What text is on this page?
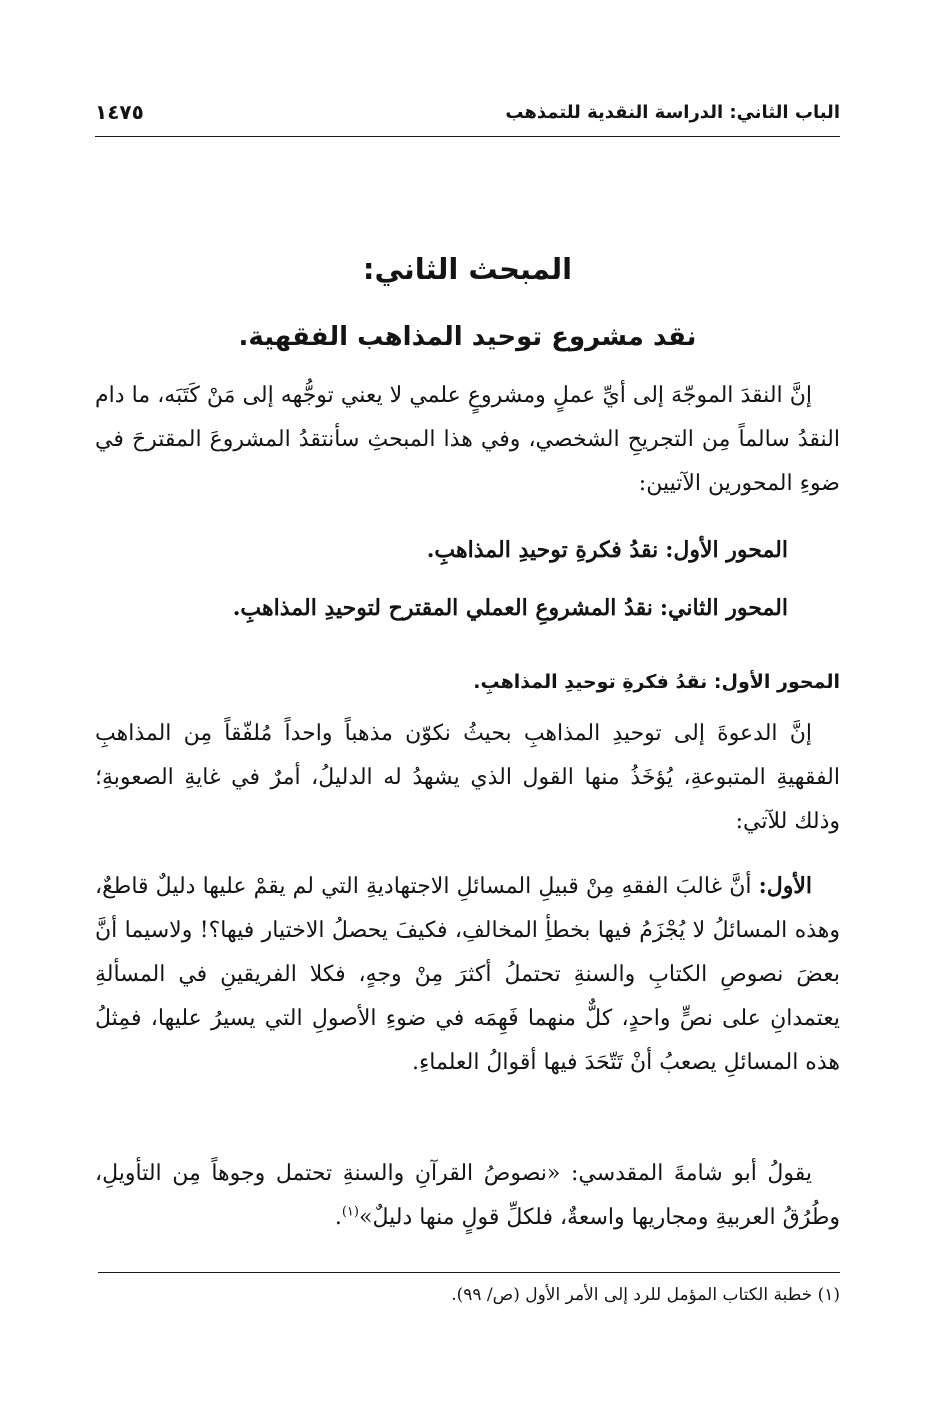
الباب الثاني: الدراسة النقدية للتمذهب
١٤٧٥
المبحث الثاني:
نقد مشروع توحيد المذاهب الفقهية.

إنَّ النقدَ الموجّهَ إلى أيِّ عملٍ ومشروعٍ علمي لا يعني توجُّهه إلى مَنْ كَتَبَه، ما دام النقدُ سالماً مِن التجريحِ الشخصي، وفي هذا المبحثِ سأنتقدُ المشروعَ المقترحَ في ضوءِ المحورين الآتيين:

المحور الأول: نقدُ فكرةِ توحيدِ المذاهبِ.

المحور الثاني: نقدُ المشروعِ العملي المقترح لتوحيدِ المذاهبِ.

المحور الأول: نقدُ فكرةِ توحيدِ المذاهبِ.

إنَّ الدعوةَ إلى توحيدِ المذاهبِ بحيثُ نكوّن مذهباً واحداً مُلفّقاً مِن المذاهبِ الفقهيةِ المتبوعةِ، يُؤخَذُ منها القول الذي يشهدُ له الدليلُ، أمرٌ في غايةِ الصعوبةِ؛ وذلك للآتي:

الأول: أنَّ غالبَ الفقهِ مِنْ قبيلِ المسائلِ الاجتهاديةِ التي لم يقمْ عليها دليلٌ قاطعٌ، وهذه المسائلُ لا يُجْزَمُ فيها بخطأِ المخالفِ، فكيفَ يحصلُ الاختيار فيها؟! ولاسيما أنَّ بعضَ نصوصِ الكتابِ والسنةِ تحتملُ أكثرَ مِنْ وجهٍ، فكلا الفريقينِ في المسألةِ يعتمدانِ على نصٍّ واحدٍ، كلٌّ منهما فَهِمَه في ضوءِ الأصولِ التي يسيرُ عليها، فمِثلُ هذه المسائلِ يصعبُ أنْ تَتّحَدَ فيها أقوالُ العلماءِ.

يقولُ أبو شامةَ المقدسي: «نصوصُ القرآنِ والسنةِ تحتمل وجوهاً مِن التأويلِ، وطُرُقُ العربيةِ ومجاريها واسعةٌ، فلكلِّ قولٍ منها دليلٌ»$^{(١)}$.

(١) خطبة الكتاب المؤمل للرد إلى الأمر الأول (ص/ ٩٩).
